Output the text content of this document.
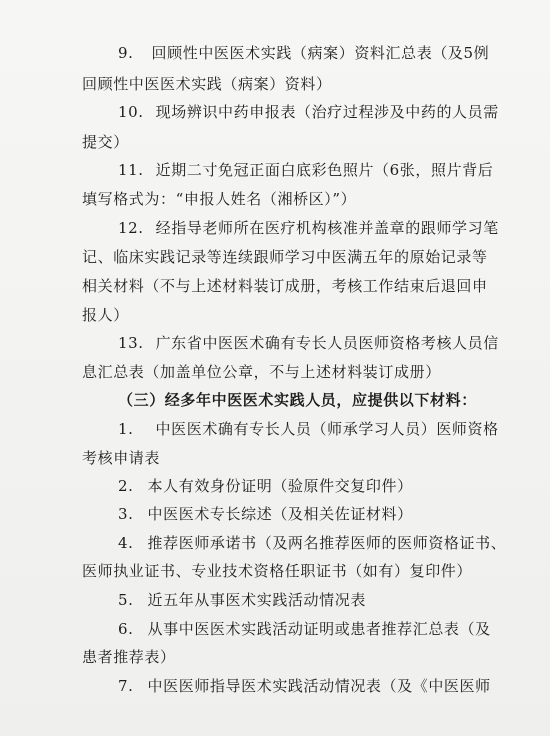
9. 回顾性中医医术实践（病案）资料汇总表（及5例
回顾性中医医术实践（病案）资料）
10. 现场辨识中药申报表（治疗过程涉及中药的人员需
提交）
11. 近期二寸免冠正面白底彩色照片（6张，照片背后
填写格式为：“申报人姓名（湘桥区）”）
12. 经指导老师所在医疗机构核准并盖章的跟师学习笔
记、临床实践记录等连续跟师学习中医满五年的原始记录等
相关材料（不与上述材料装订成册，考核工作结束后退回申
报人）
13. 广东省中医医术确有专长人员医师资格考核人员信
息汇总表（加盖单位公章，不与上述材料装订成册）
（三）经多年中医医术实践人员，应提供以下材料：
1. 中医医术确有专长人员（师承学习人员）医师资格
考核申请表
2. 本人有效身份证明（验原件交复印件）
3. 中医医术专长综述（及相关佐证材料）
4. 推荐医师承诺书（及两名推荐医师的医师资格证书、
医师执业证书、专业技术资格任职证书（如有）复印件）
5. 近五年从事医术实践活动情况表
6. 从事中医医术实践活动证明或患者推荐汇总表（及
患者推荐表）
7. 中医医师指导医术实践活动情况表（及《中医医师
